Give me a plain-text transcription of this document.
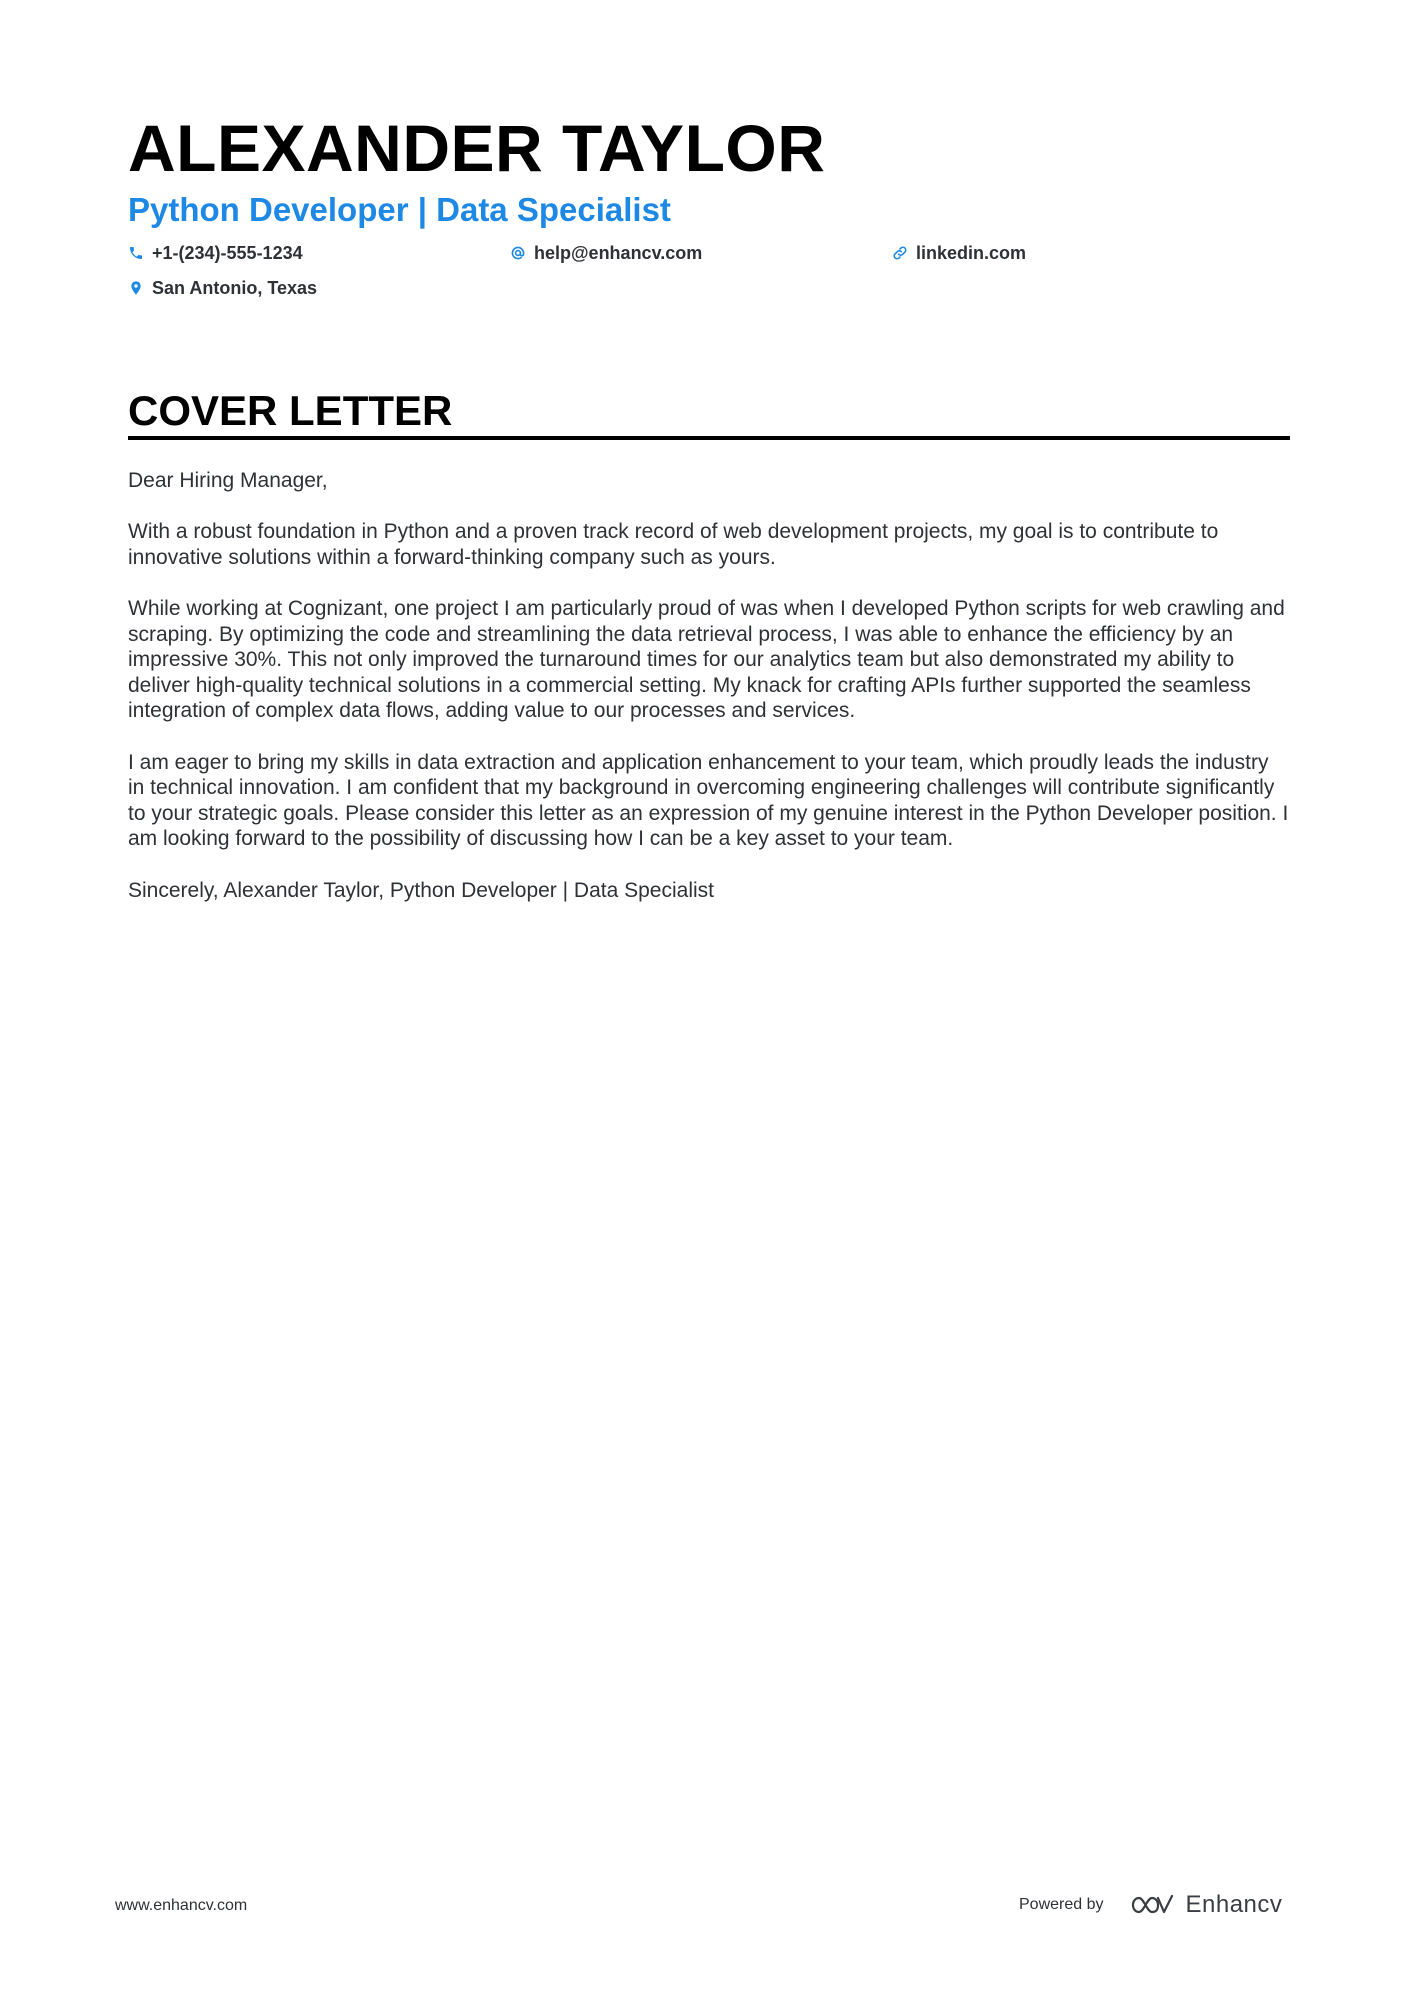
ALEXANDER TAYLOR
Python Developer | Data Specialist
+1-(234)-555-1234	help@enhancv.com	linkedin.com
San Antonio, Texas
COVER LETTER

Dear Hiring Manager,

With a robust foundation in Python and a proven track record of web development projects, my goal is to contribute to innovative solutions within a forward-thinking company such as yours.

While working at Cognizant, one project I am particularly proud of was when I developed Python scripts for web crawling and scraping. By optimizing the code and streamlining the data retrieval process, I was able to enhance the efficiency by an impressive 30%. This not only improved the turnaround times for our analytics team but also demonstrated my ability to deliver high-quality technical solutions in a commercial setting. My knack for crafting APIs further supported the seamless integration of complex data flows, adding value to our processes and services.

I am eager to bring my skills in data extraction and application enhancement to your team, which proudly leads the industry in technical innovation. I am confident that my background in overcoming engineering challenges will contribute significantly to your strategic goals. Please consider this letter as an expression of my genuine interest in the Python Developer position. I am looking forward to the possibility of discussing how I can be a key asset to your team.

Sincerely, Alexander Taylor, Python Developer | Data Specialist

www.enhancv.com	Powered by	Enhancv
